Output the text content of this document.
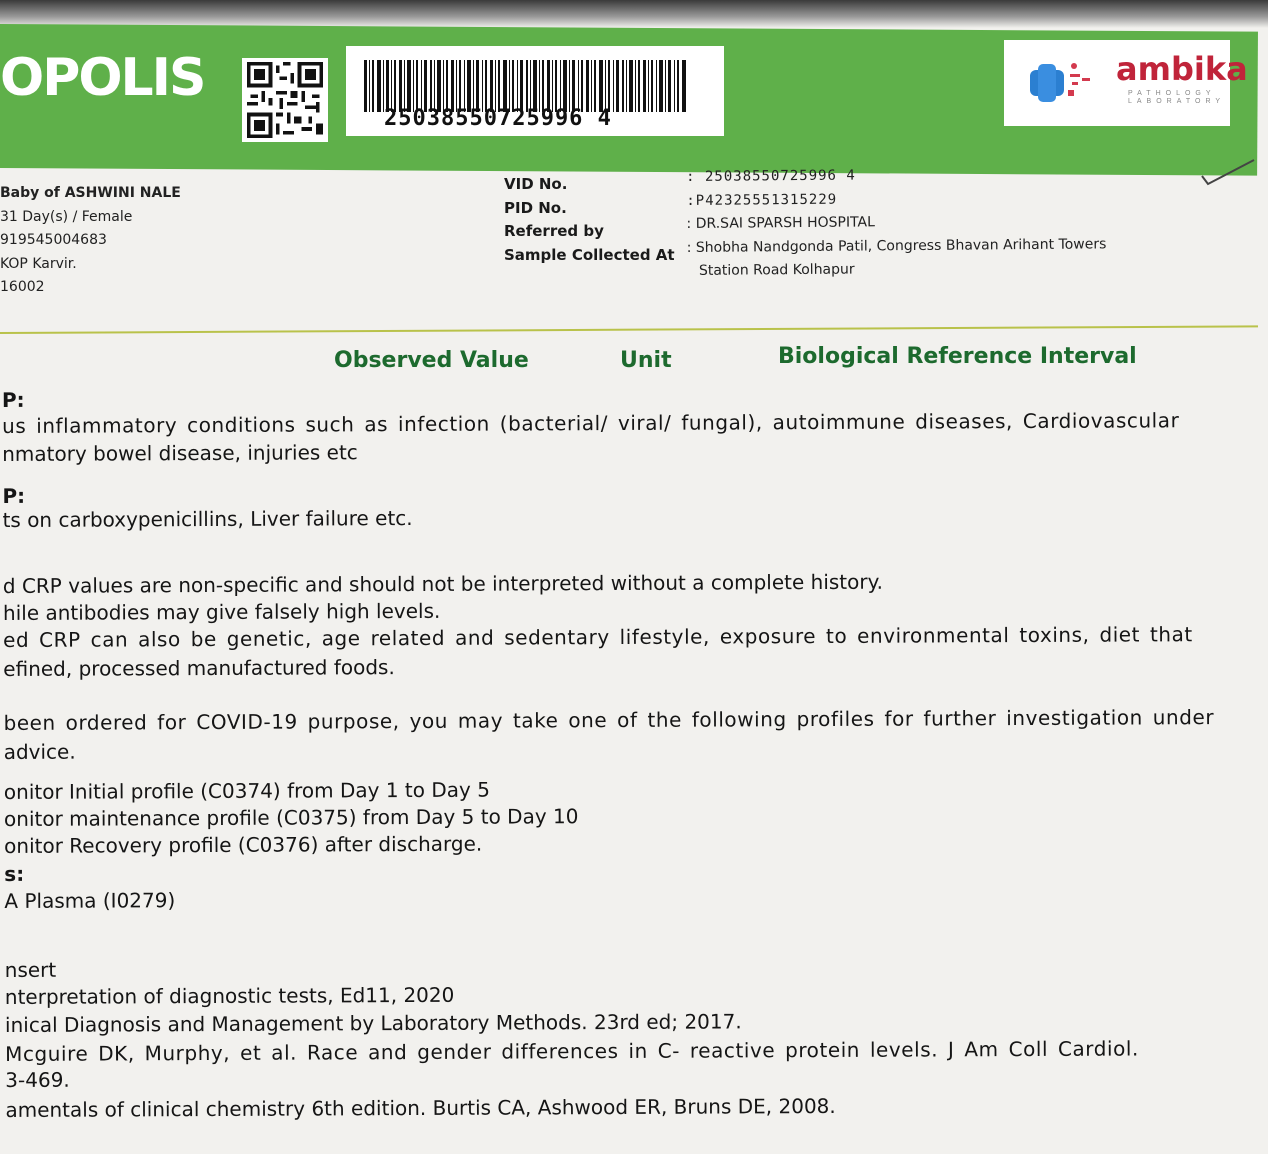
OPOLIS
25038550725996 4
ambika
PATHOLOGY LABORATORY
Baby of ASHWINI NALE
31 Day(s) / Female
919545004683
KOP Karvir.
16002
VID No.
PID No.
Referred by
Sample Collected At
: 25038550725996 4
:P42325551315229
: DR.SAI SPARSH HOSPITAL
: Shobha Nandgonda Patil, Congress Bhavan Arihant Towers
Station Road Kolhapur
Observed Value	Unit	Biological Reference Interval
P:
us inflammatory conditions such as infection (bacterial/ viral/ fungal), autoimmune diseases, Cardiovascular
nmatory bowel disease, injuries etc
P:
ts on carboxypenicillins, Liver failure etc.
d CRP values are non-specific and should not be interpreted without a complete history.
hile antibodies may give falsely high levels.
ed CRP can also be genetic, age related and sedentary lifestyle, exposure to environmental toxins, diet that
efined, processed manufactured foods.
been ordered for COVID-19 purpose, you may take one of the following profiles for further investigation under
advice.
onitor Initial profile (C0374) from Day 1 to Day 5
onitor maintenance profile (C0375) from Day 5 to Day 10
onitor Recovery profile (C0376) after discharge.
s:
A Plasma (I0279)
nsert
nterpretation of diagnostic tests, Ed11, 2020
inical Diagnosis and Management by Laboratory Methods. 23rd ed; 2017.
Mcguire DK, Murphy, et al. Race and gender differences in C- reactive protein levels. J Am Coll Cardiol.
3-469.
amentals of clinical chemistry 6th edition. Burtis CA, Ashwood ER, Bruns DE, 2008.
